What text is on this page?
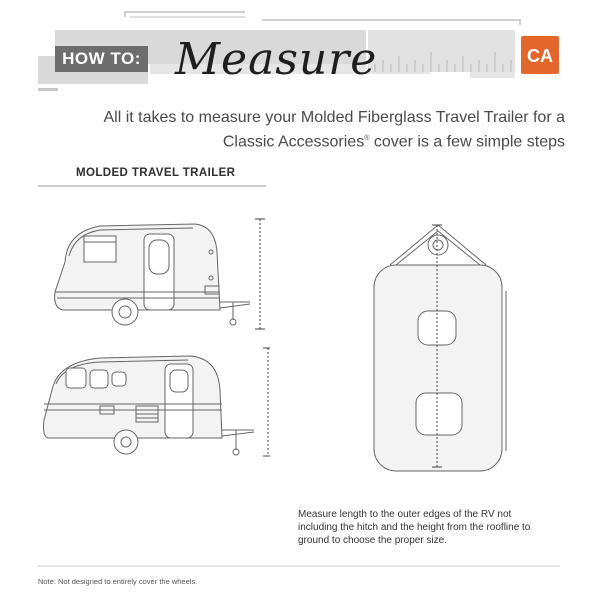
HOW TO: Measure	CA
All it takes to measure your Molded Fiberglass Travel Trailer for a
Classic Accessories® cover is a few simple steps
MOLDED TRAVEL TRAILER
Measure length to the outer edges of the RV not including the hitch and the height from the roofline to ground to choose the proper size.
Note: Not designed to entirely cover the wheels.
